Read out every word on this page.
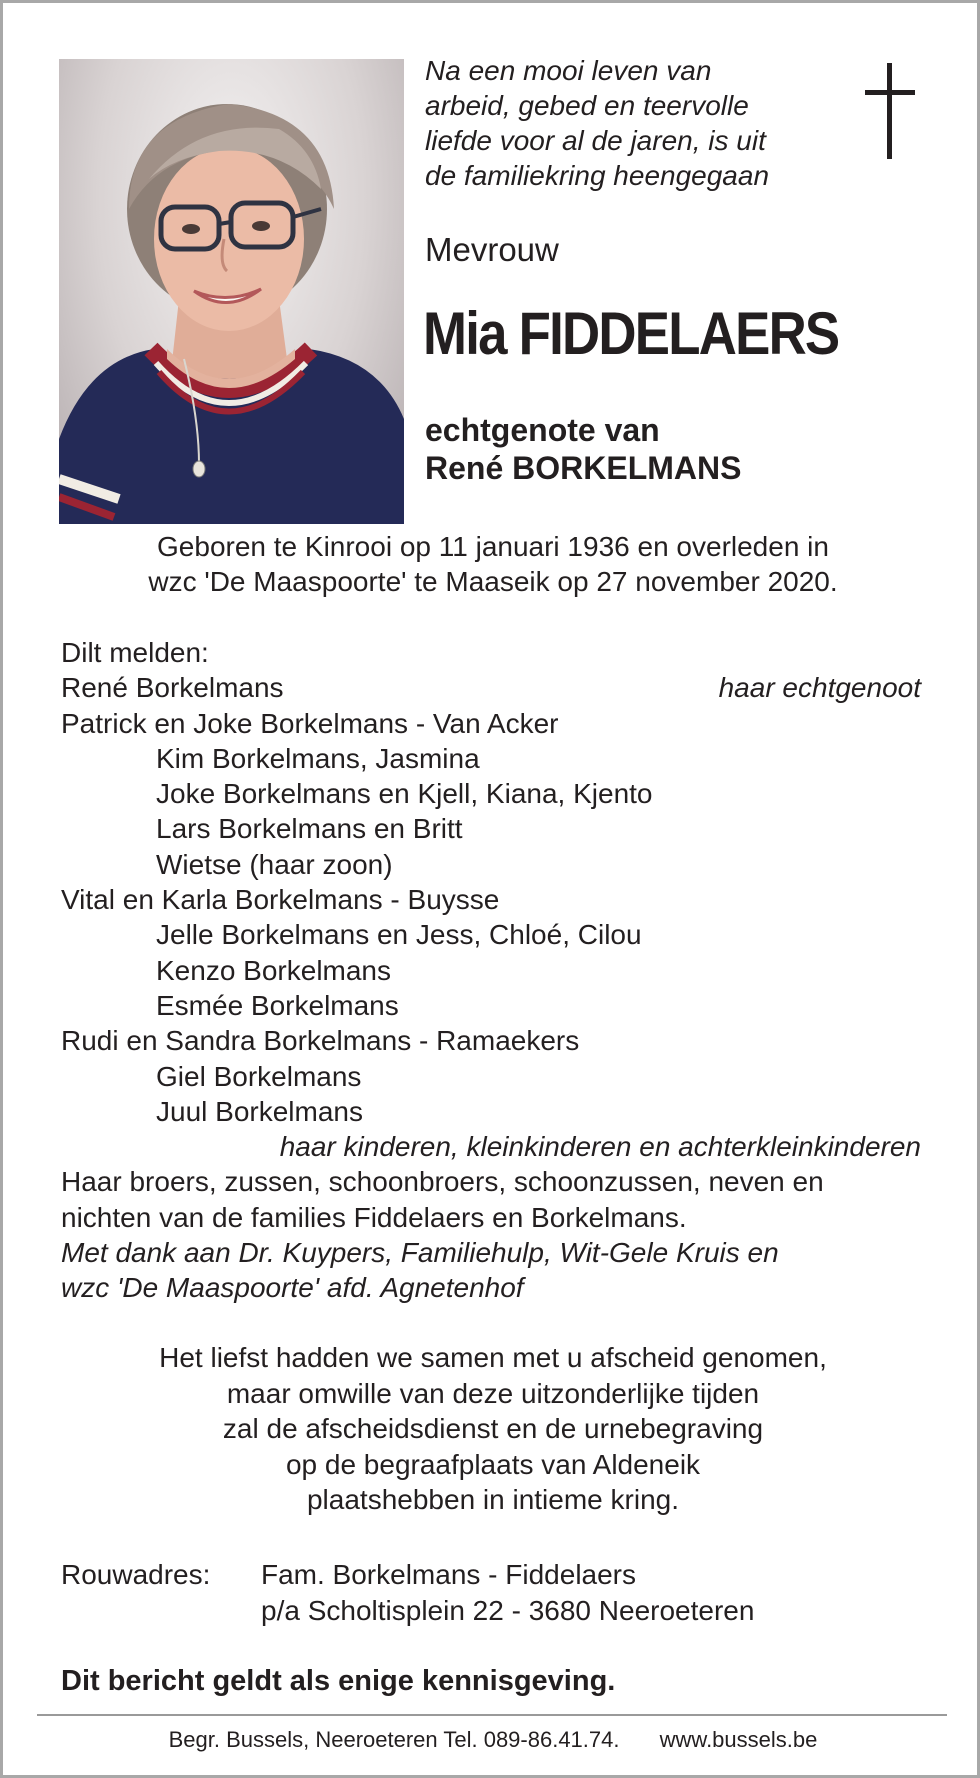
Na een mooi leven van
arbeid, gebed en teervolle
liefde voor al de jaren, is uit
de familiekring heengegaan
Mevrouw
Mia FIDDELAERS
echtgenote van
René BORKELMANS
Geboren te Kinrooi op 11 januari 1936 en overleden in
wzc 'De Maaspoorte' te Maaseik op 27 november 2020.
Dilt melden:
René Borkelmans	haar echtgenoot
Patrick en Joke Borkelmans - Van Acker
Kim Borkelmans, Jasmina
Joke Borkelmans en Kjell, Kiana, Kjento
Lars Borkelmans en Britt
Wietse (haar zoon)
Vital en Karla Borkelmans - Buysse
Jelle Borkelmans en Jess, Chloé, Cilou
Kenzo Borkelmans
Esmée Borkelmans
Rudi en Sandra Borkelmans - Ramaekers
Giel Borkelmans
Juul Borkelmans
haar kinderen, kleinkinderen en achterkleinkinderen
Haar broers, zussen, schoonbroers, schoonzussen, neven en
nichten van de families Fiddelaers en Borkelmans.
Met dank aan Dr. Kuypers, Familiehulp, Wit-Gele Kruis en
wzc 'De Maaspoorte' afd. Agnetenhof
Het liefst hadden we samen met u afscheid genomen,
maar omwille van deze uitzonderlijke tijden
zal de afscheidsdienst en de urnebegraving
op de begraafplaats van Aldeneik
plaatshebben in intieme kring.
Rouwadres: Fam. Borkelmans - Fiddelaers
p/a Scholtisplein 22 - 3680 Neeroeteren
Dit bericht geldt als enige kennisgeving.
Begr. Bussels, Neeroeteren Tel. 089-86.41.74. www.bussels.be
